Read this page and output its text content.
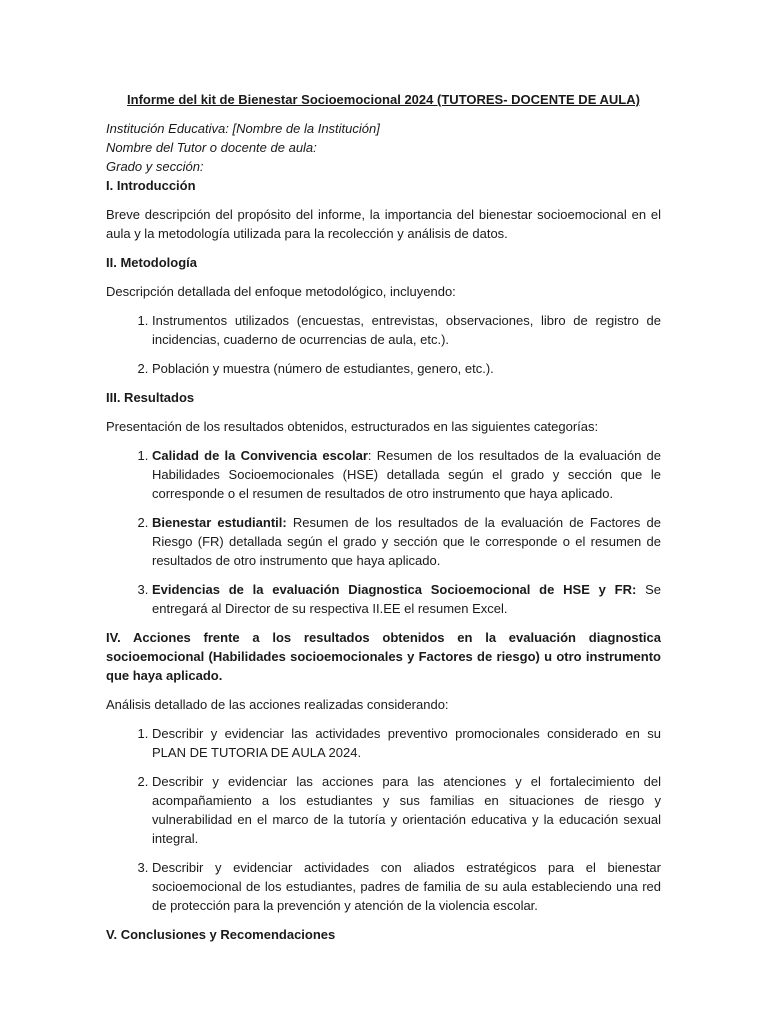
Informe del kit de Bienestar Socioemocional 2024 (TUTORES- DOCENTE DE AULA)

Institución Educativa: [Nombre de la Institución]

Nombre del Tutor o docente de aula:

Grado y sección:

I. Introducción

Breve descripción del propósito del informe, la importancia del bienestar socioemocional en el aula y la metodología utilizada para la recolección y análisis de datos.

II. Metodología

Descripción detallada del enfoque metodológico, incluyendo:

1. Instrumentos utilizados (encuestas, entrevistas, observaciones, libro de registro de incidencias, cuaderno de ocurrencias de aula, etc.).
2. Población y muestra (número de estudiantes, genero, etc.).

III. Resultados

Presentación de los resultados obtenidos, estructurados en las siguientes categorías:

1. Calidad de la Convivencia escolar: Resumen de los resultados de la evaluación de Habilidades Socioemocionales (HSE) detallada según el grado y sección que le corresponde o el resumen de resultados de otro instrumento que haya aplicado.
2. Bienestar estudiantil: Resumen de los resultados de la evaluación de Factores de Riesgo (FR) detallada según el grado y sección que le corresponde o el resumen de resultados de otro instrumento que haya aplicado.
3. Evidencias de la evaluación Diagnostica Socioemocional de HSE y FR: Se entregará al Director de su respectiva II.EE el resumen Excel.

IV. Acciones frente a los resultados obtenidos en la evaluación diagnostica socioemocional (Habilidades socioemocionales y Factores de riesgo) u otro instrumento que haya aplicado.

Análisis detallado de las acciones realizadas considerando:

1. Describir y evidenciar las actividades preventivo promocionales considerado en su PLAN DE TUTORIA DE AULA 2024.
2. Describir y evidenciar las acciones para las atenciones y el fortalecimiento del acompañamiento a los estudiantes y sus familias en situaciones de riesgo y vulnerabilidad en el marco de la tutoría y orientación educativa y la educación sexual integral.
3. Describir y evidenciar actividades con aliados estratégicos para el bienestar socioemocional de los estudiantes, padres de familia de su aula estableciendo una red de protección para la prevención y atención de la violencia escolar.

V. Conclusiones y Recomendaciones
